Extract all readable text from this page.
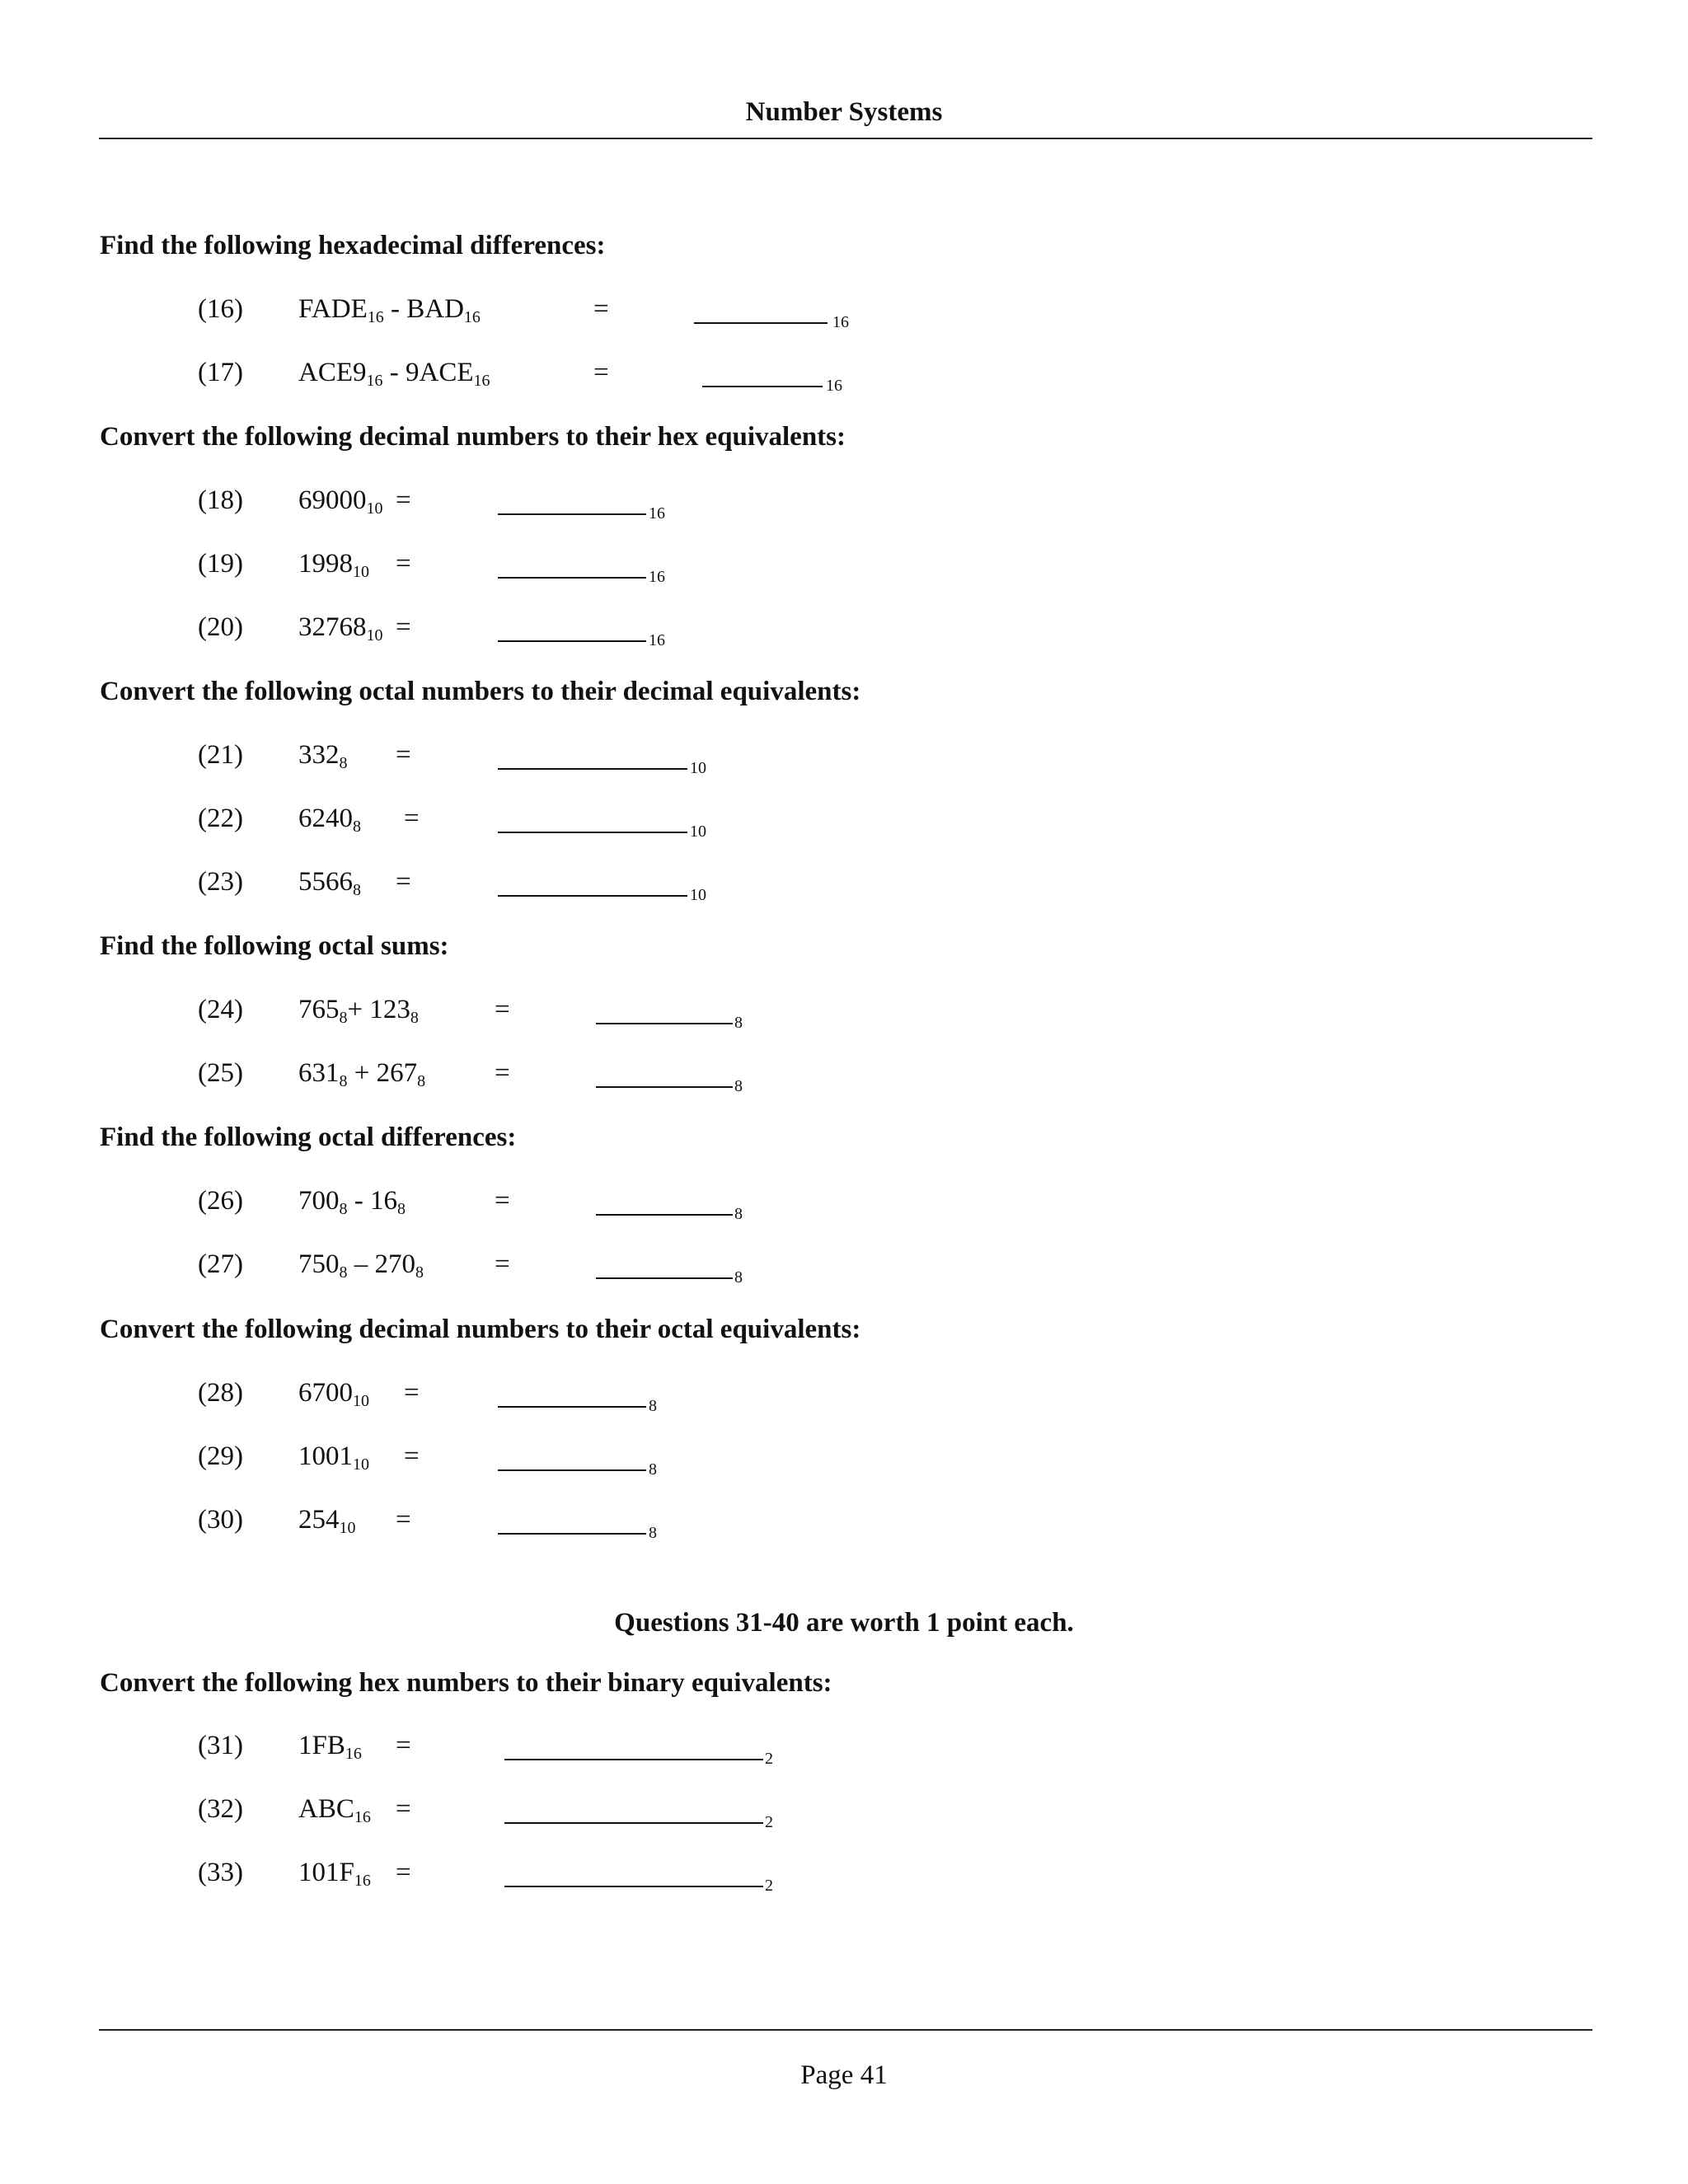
Number Systems
Find the following hexadecimal differences:
Convert the following decimal numbers to their hex equivalents:
Convert the following octal numbers to their decimal equivalents:
Find the following octal sums:
Find the following octal differences:
Convert the following decimal numbers to their octal equivalents:
Questions 31-40 are worth 1 point each.
Convert the following hex numbers to their binary equivalents:
(16) $FADE_{16} - BAD_{16}$	=	16
(17) $ACE9_{16} - 9ACE_{16}$	=	16
(18) $69000_{10}$ =	16
(19) $1998_{10}$ =	16
(20) $32768_{10}$ =	16
(21) $332_8$ =	10
(22) $6240_8$ =	10
(23) $5566_8$ =	10
(24) $765_8+ 123_8$	=	8
(25) $631_8 + 267_8$	=	8
(26) $700_8 - 16_8$	=	8
(27) $750_8 - 270_8$	=	8
(28) $6700_{10}$ =	8
(29) $1001_{10}$ =	8
(30) $254_{10}$ =	8
(31) $1FB_{16}$ =	2
(32) $ABC_{16}$ =	2
(33) $101F_{16}$ =	2
Page 41
